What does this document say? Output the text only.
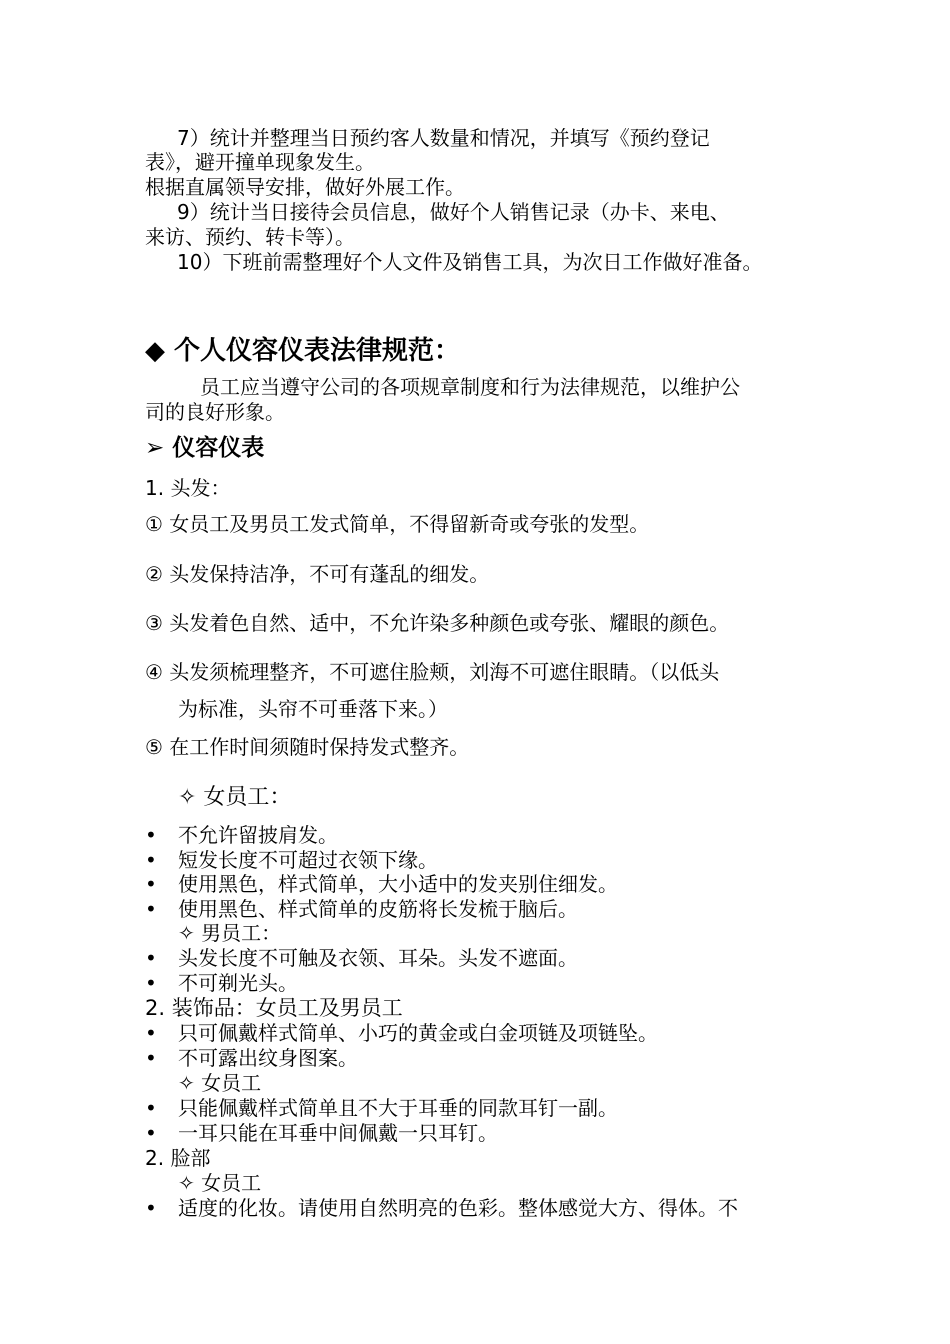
7）统计并整理当日预约客人数量和情况，并填写《预约登记
表》，避开撞单现象发生。
根据直属领导安排，做好外展工作。
9）统计当日接待会员信息，做好个人销售记录（办卡、来电、
来访、预约、转卡等）。
10）下班前需整理好个人文件及销售工具，为次日工作做好准备。
◆ 个人仪容仪表法律规范：
员工应当遵守公司的各项规章制度和行为法律规范，以维护公
司的良好形象。
➢ 仪容仪表
1. 头发：
① 女员工及男员工发式简单，不得留新奇或夸张的发型。
② 头发保持洁净，不可有蓬乱的细发。
③ 头发着色自然、适中，不允许染多种颜色或夸张、耀眼的颜色。
④ 头发须梳理整齐，不可遮住脸颊，刘海不可遮住眼睛。（以低头
为标准，头帘不可垂落下来。）
⑤ 在工作时间须随时保持发式整齐。
✧ 女员工：
• 不允许留披肩发。
• 短发长度不可超过衣领下缘。
• 使用黑色，样式简单，大小适中的发夹别住细发。
• 使用黑色、样式简单的皮筋将长发梳于脑后。
✧ 男员工：
• 头发长度不可触及衣领、耳朵。头发不遮面。
• 不可剃光头。
2. 装饰品：女员工及男员工
• 只可佩戴样式简单、小巧的黄金或白金项链及项链坠。
• 不可露出纹身图案。
✧ 女员工
• 只能佩戴样式简单且不大于耳垂的同款耳钉一副。
• 一耳只能在耳垂中间佩戴一只耳钉。
2. 脸部
✧ 女员工
• 适度的化妆。请使用自然明亮的色彩。整体感觉大方、得体。不
